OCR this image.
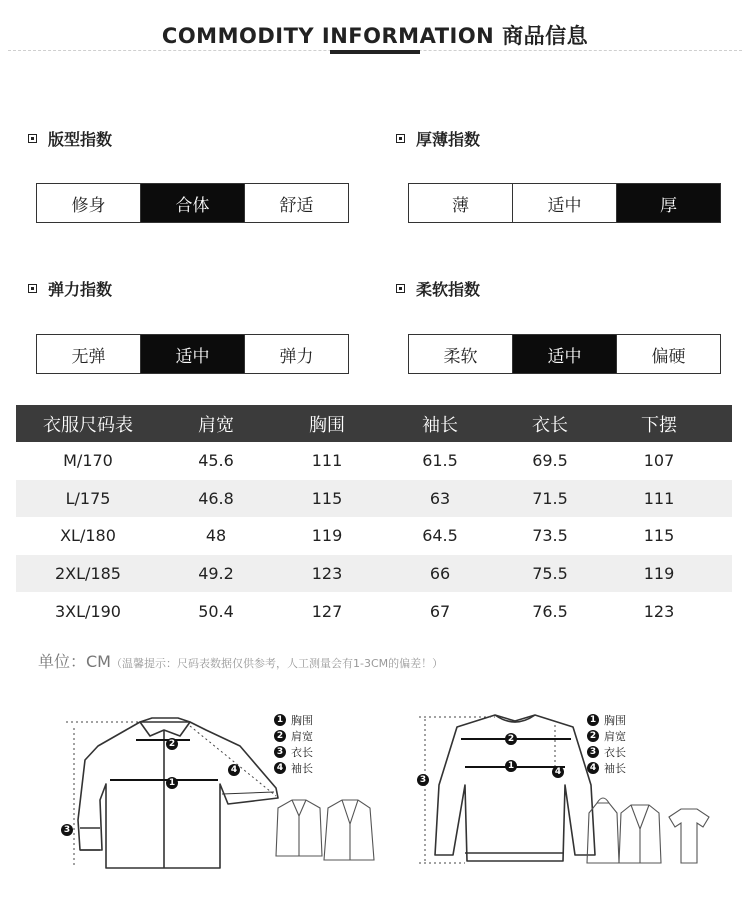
COMMODITY INFORMATION 商品信息
版型指数
修身	合体	舒适
厚薄指数
薄	适中	厚
弹力指数
无弹	适中	弹力
柔软指数
柔软	适中	偏硬
衣服尺码表	肩宽	胸围	袖长	衣长	下摆
M/170	45.6	111	61.5	69.5	107
L/175	46.8	115	63	71.5	111
XL/180	48	119	64.5	73.5	115
2XL/185	49.2	123	66	75.5	119
3XL/190	50.4	127	67	76.5	123
单位：CM（温馨提示：尺码表数据仅供参考，人工测量会有1-3CM的偏差！）
2
1
3
4
1 胸围
2 肩宽
3 衣长
4 袖长
2
1
3
4
1 胸围
2 肩宽
3 衣长
4 袖长
